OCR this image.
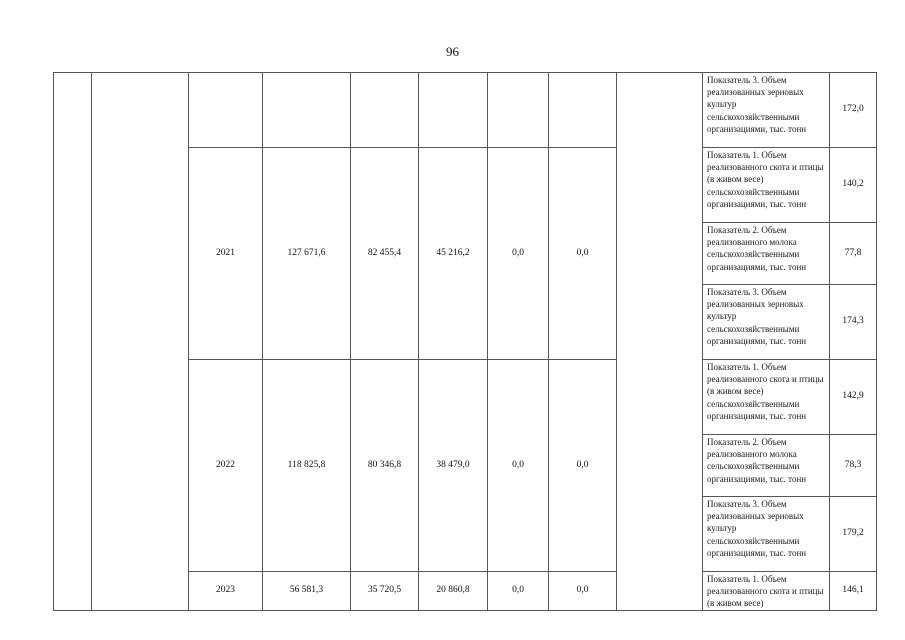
96
									Показатель 3. Объем реализованных зерновых культур сельскохозяйственными организациями, тыс. тонн	172,0
		2021	127 671,6	82 455,4	45 216,2	0,0	0,0		Показатель 1. Объем реализованного скота и птицы (в живом весе) сельскохозяйственными организациями, тыс. тонн	140,2
									Показатель 2. Объем реализованного молока сельскохозяйственными организациями, тыс. тонн	77,8
									Показатель 3. Объем реализованных зерновых культур сельскохозяйственными организациями, тыс. тонн	174,3
		2022	118 825,8	80 346,8	38 479,0	0,0	0,0		Показатель 1. Объем реализованного скота и птицы (в живом весе) сельскохозяйственными организациями, тыс. тонн	142,9
									Показатель 2. Объем реализованного молока сельскохозяйственными организациями, тыс. тонн	78,3
									Показатель 3. Объем реализованных зерновых культур сельскохозяйственными организациями, тыс. тонн	179,2
		2023	56 581,3	35 720,5	20 860,8	0,0	0,0		Показатель 1. Объем реализованного скота и птицы (в живом весе)	146,1
